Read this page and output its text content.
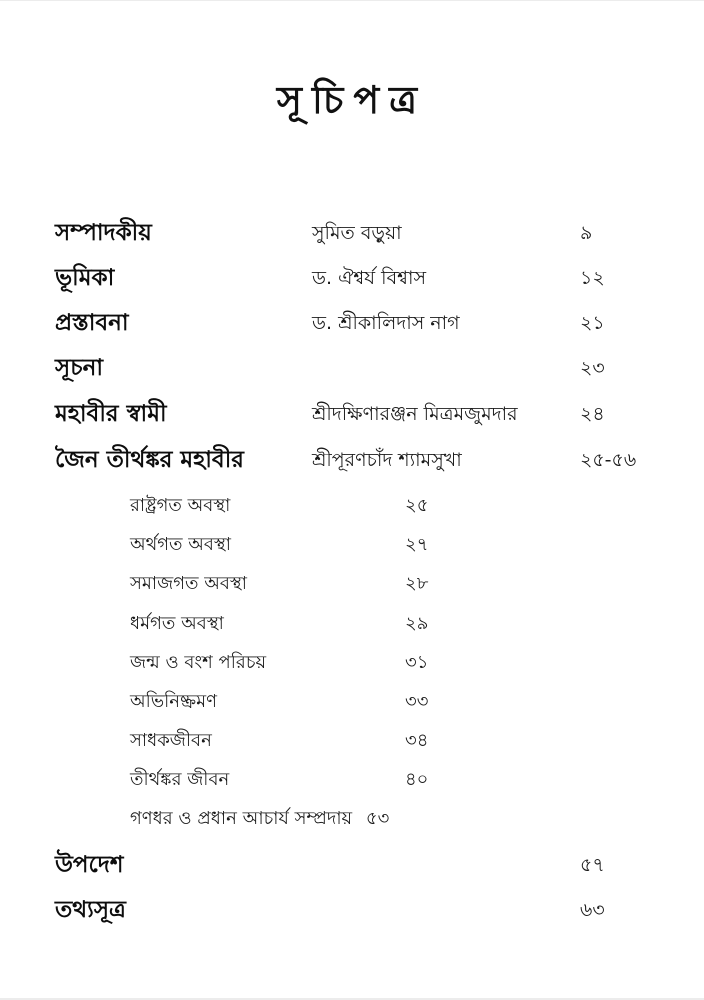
সূচিপত্র
সম্পাদকীয়	সুমিত বড়ুয়া	৯
ভূমিকা	ড. ঐশ্বর্য বিশ্বাস	১২
প্রস্তাবনা	ড. শ্রীকালিদাস নাগ	২১
সূচনা	২৩
মহাবীর স্বামী	শ্রীদক্ষিণারঞ্জন মিত্রমজুমদার	২৪
জৈন তীর্থঙ্কর মহাবীর	শ্রীপূরণচাঁদ শ্যামসুখা	২৫-৫৬
রাষ্ট্রগত অবস্থা	২৫
অর্থগত অবস্থা	২৭
সমাজগত অবস্থা	২৮
ধর্মগত অবস্থা	২৯
জন্ম ও বংশ পরিচয়	৩১
অভিনিষ্ক্রমণ	৩৩
সাধকজীবন	৩৪
তীর্থঙ্কর জীবন	৪০
গণধর ও প্রধান আচার্য সম্প্রদায় ৫৩
উপদেশ	৫৭
তথ্যসূত্র	৬৩
